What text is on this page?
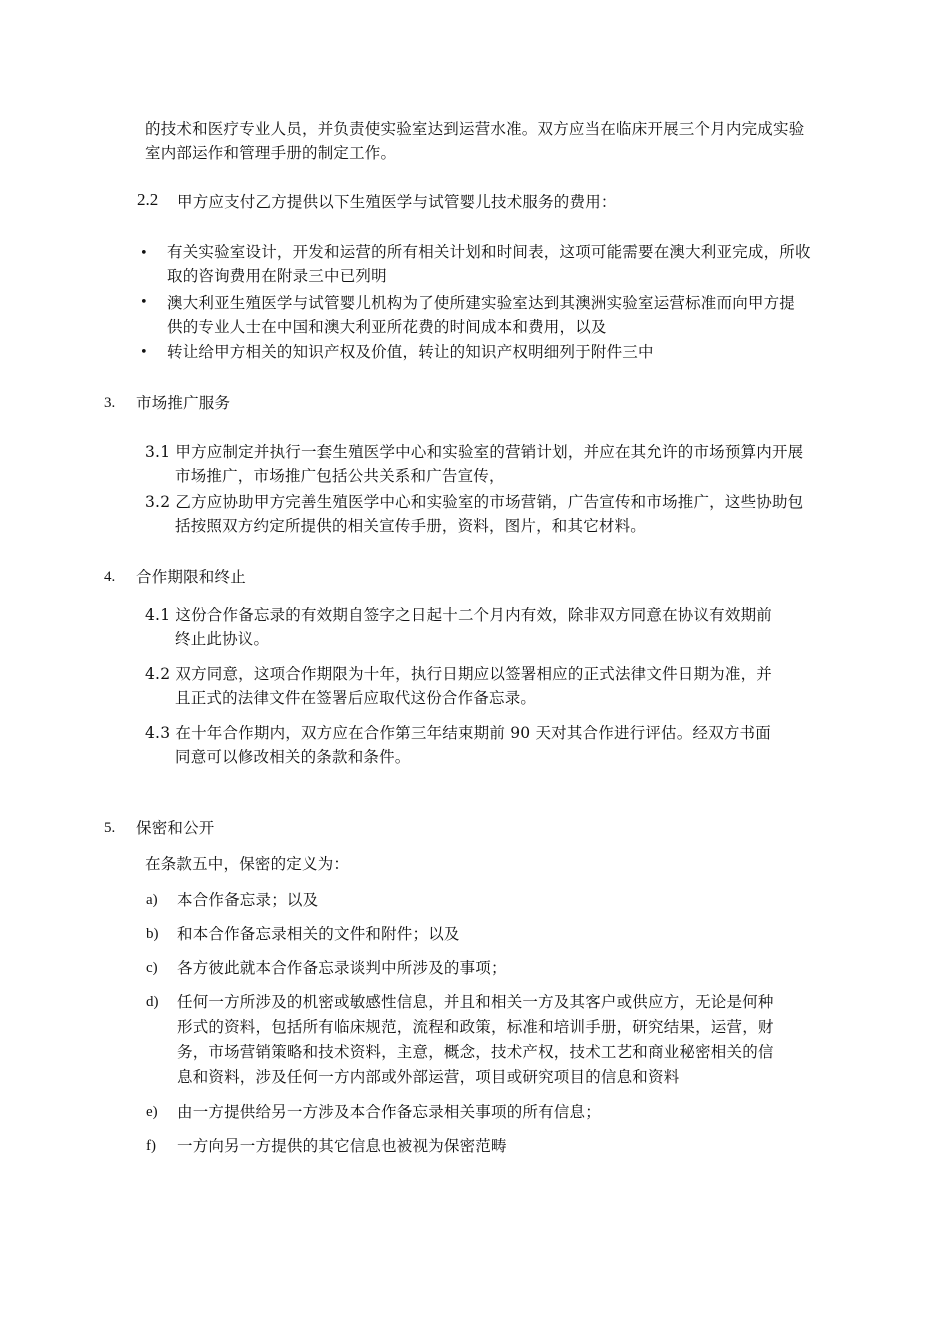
的技术和医疗专业人员，并负责使实验室达到运营水准。双方应当在临床开展三个月内完成实验
室内部运作和管理手册的制定工作。
2.2 甲方应支付乙方提供以下生殖医学与试管婴儿技术服务的费用：
• 有关实验室设计，开发和运营的所有相关计划和时间表，这项可能需要在澳大利亚完成，所收
取的咨询费用在附录三中已列明
• 澳大利亚生殖医学与试管婴儿机构为了使所建实验室达到其澳洲实验室运营标准而向甲方提
供的专业人士在中国和澳大利亚所花费的时间成本和费用，以及
• 转让给甲方相关的知识产权及价值，转让的知识产权明细列于附件三中
3. 市场推广服务
3.1 甲方应制定并执行一套生殖医学中心和实验室的营销计划，并应在其允许的市场预算内开展
市场推广，市场推广包括公共关系和广告宣传，
3.2 乙方应协助甲方完善生殖医学中心和实验室的市场营销，广告宣传和市场推广，这些协助包
括按照双方约定所提供的相关宣传手册，资料，图片，和其它材料。
4. 合作期限和终止
4.1 这份合作备忘录的有效期自签字之日起十二个月内有效，除非双方同意在协议有效期前
终止此协议。
4.2 双方同意，这项合作期限为十年，执行日期应以签署相应的正式法律文件日期为准，并
且正式的法律文件在签署后应取代这份合作备忘录。
4.3 在十年合作期内，双方应在合作第三年结束期前 90 天对其合作进行评估。经双方书面
同意可以修改相关的条款和条件。
5. 保密和公开
在条款五中，保密的定义为：
a) 本合作备忘录；以及
b) 和本合作备忘录相关的文件和附件；以及
c) 各方彼此就本合作备忘录谈判中所涉及的事项；
d) 任何一方所涉及的机密或敏感性信息，并且和相关一方及其客户或供应方，无论是何种
形式的资料，包括所有临床规范，流程和政策，标准和培训手册，研究结果，运营，财
务，市场营销策略和技术资料，主意，概念，技术产权，技术工艺和商业秘密相关的信
息和资料，涉及任何一方内部或外部运营，项目或研究项目的信息和资料
e) 由一方提供给另一方涉及本合作备忘录相关事项的所有信息；
f) 一方向另一方提供的其它信息也被视为保密范畴
